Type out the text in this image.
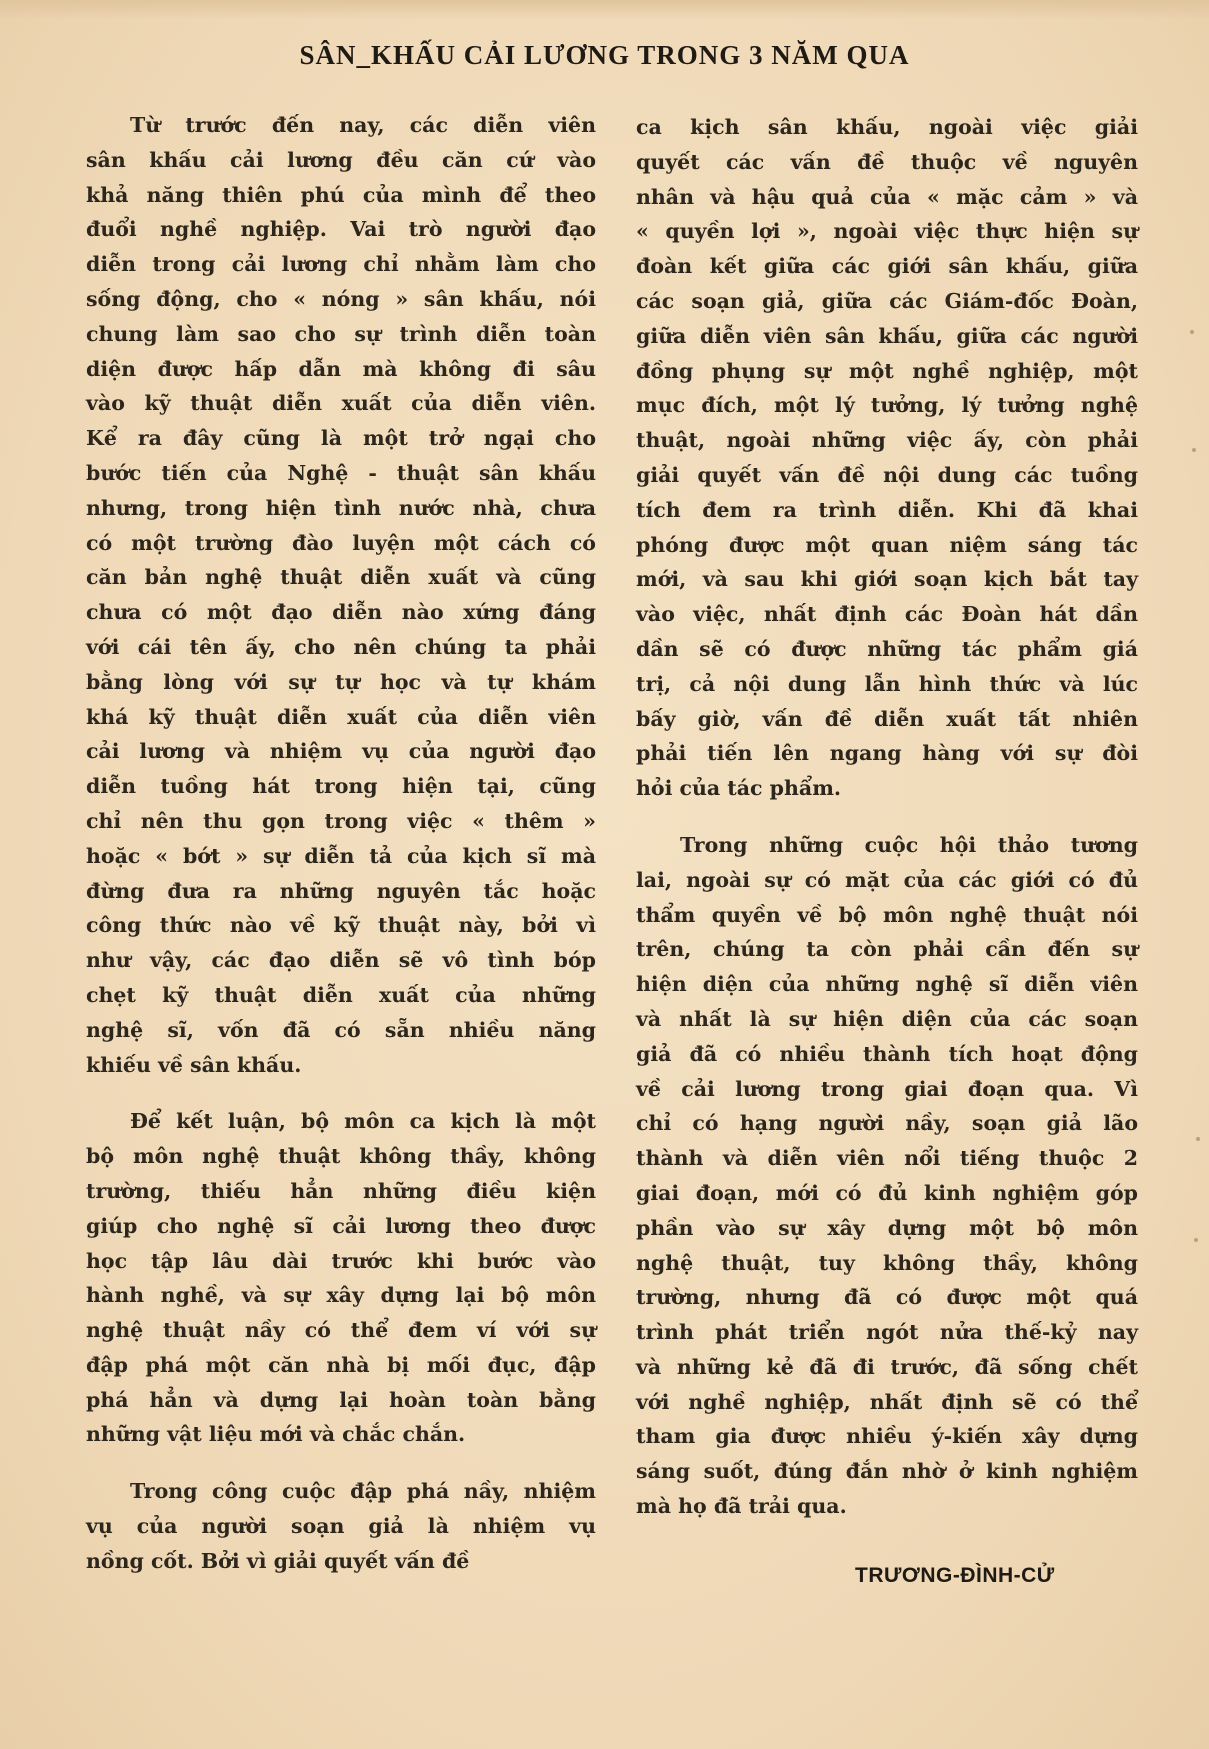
SÂN_KHẤU CẢI LƯƠNG TRONG 3 NĂM QUA
Từ trước đến nay, các diễn viên
sân khấu cải lương đều căn cứ vào
khả năng thiên phú của mình để theo
đuổi nghề nghiệp. Vai trò người đạo
diễn trong cải lương chỉ nhằm làm cho
sống động, cho « nóng » sân khấu, nói
chung làm sao cho sự trình diễn toàn
diện được hấp dẫn mà không đi sâu
vào kỹ thuật diễn xuất của diễn viên.
Kể ra đây cũng là một trở ngại cho
bước tiến của Nghệ - thuật sân khấu
nhưng, trong hiện tình nước nhà, chưa
có một trường đào luyện một cách có
căn bản nghệ thuật diễn xuất và cũng
chưa có một đạo diễn nào xứng đáng
với cái tên ấy, cho nên chúng ta phải
bằng lòng với sự tự học và tự khám
khá kỹ thuật diễn xuất của diễn viên
cải lương và nhiệm vụ của người đạo
diễn tuồng hát trong hiện tại, cũng
chỉ nên thu gọn trong việc « thêm »
hoặc « bớt » sự diễn tả của kịch sĩ mà
đừng đưa ra những nguyên tắc hoặc
công thức nào về kỹ thuật này, bởi vì
như vậy, các đạo diễn sẽ vô tình bóp
chẹt kỹ thuật diễn xuất của những
nghệ sĩ, vốn đã có sẵn nhiều năng
khiếu về sân khấu.
Để kết luận, bộ môn ca kịch là một
bộ môn nghệ thuật không thầy, không
trường, thiếu hẳn những điều kiện
giúp cho nghệ sĩ cải lương theo được
học tập lâu dài trước khi bước vào
hành nghề, và sự xây dựng lại bộ môn
nghệ thuật nầy có thể đem ví với sự
đập phá một căn nhà bị mối đục, đập
phá hẳn và dựng lại hoàn toàn bằng
những vật liệu mới và chắc chắn.
Trong công cuộc đập phá nầy, nhiệm
vụ của người soạn giả là nhiệm vụ
nồng cốt. Bởi vì giải quyết vấn đề
ca kịch sân khấu, ngoài việc giải
quyết các vấn đề thuộc về nguyên
nhân và hậu quả của « mặc cảm » và
« quyền lợi », ngoài việc thực hiện sự
đoàn kết giữa các giới sân khấu, giữa
các soạn giả, giữa các Giám-đốc Đoàn,
giữa diễn viên sân khấu, giữa các người
đồng phụng sự một nghề nghiệp, một
mục đích, một lý tưởng, lý tưởng nghệ
thuật, ngoài những việc ấy, còn phải
giải quyết vấn đề nội dung các tuồng
tích đem ra trình diễn. Khi đã khai
phóng được một quan niệm sáng tác
mới, và sau khi giới soạn kịch bắt tay
vào việc, nhất định các Đoàn hát dần
dần sẽ có được những tác phẩm giá
trị, cả nội dung lẫn hình thức và lúc
bấy giờ, vấn đề diễn xuất tất nhiên
phải tiến lên ngang hàng với sự đòi
hỏi của tác phẩm.
Trong những cuộc hội thảo tương
lai, ngoài sự có mặt của các giới có đủ
thẩm quyền về bộ môn nghệ thuật nói
trên, chúng ta còn phải cần đến sự
hiện diện của những nghệ sĩ diễn viên
và nhất là sự hiện diện của các soạn
giả đã có nhiều thành tích hoạt động
về cải lương trong giai đoạn qua. Vì
chỉ có hạng người nầy, soạn giả lão
thành và diễn viên nổi tiếng thuộc 2
giai đoạn, mới có đủ kinh nghiệm góp
phần vào sự xây dựng một bộ môn
nghệ thuật, tuy không thầy, không
trường, nhưng đã có được một quá
trình phát triển ngót nửa thế-kỷ nay
và những kẻ đã đi trước, đã sống chết
với nghề nghiệp, nhất định sẽ có thể
tham gia được nhiều ý-kiến xây dựng
sáng suốt, đúng đắn nhờ ở kinh nghiệm
mà họ đã trải qua.
TRƯƠNG-ĐÌNH-CỬ
